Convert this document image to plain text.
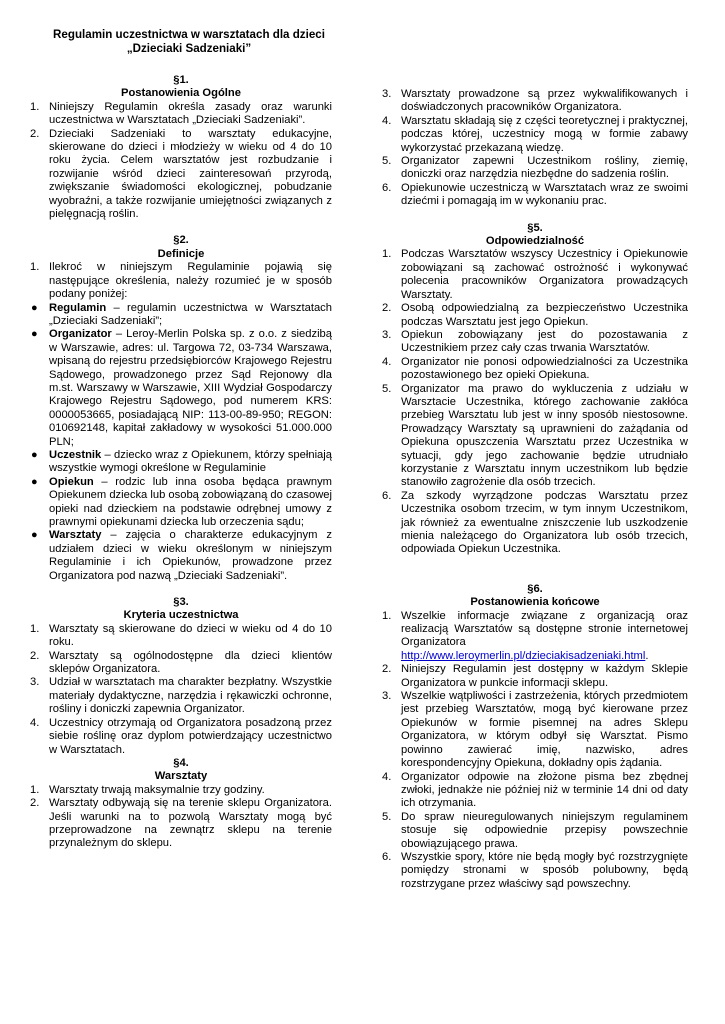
Regulamin uczestnictwa w warsztatach dla dzieci
„Dzieciaki Sadzeniaki”
§1.
Postanowienia Ogólne
1. Niniejszy Regulamin określa zasady oraz warunki uczestnictwa w Warsztatach „Dzieciaki Sadzeniaki”.
2. Dzieciaki Sadzeniaki to warsztaty edukacyjne, skierowane do dzieci i młodzieży w wieku od 4 do 10 roku życia. Celem warsztatów jest rozbudzanie i rozwijanie wśród dzieci zainteresowań przyrodą, zwiększanie świadomości ekologicznej, pobudzanie wyobraźni, a także rozwijanie umiejętności związanych z pielęgnacją roślin.
§2.
Definicje
1. Ilekroć w niniejszym Regulaminie pojawią się następujące określenia, należy rozumieć je w sposób podany poniżej:
● Regulamin – regulamin uczestnictwa w Warsztatach „Dzieciaki Sadzeniaki”;
● Organizator – Leroy-Merlin Polska sp. z o.o. z siedzibą w Warszawie, adres: ul. Targowa 72, 03-734 Warszawa, wpisaną do rejestru przedsiębiorców Krajowego Rejestru Sądowego, prowadzonego przez Sąd Rejonowy dla m.st. Warszawy w Warszawie, XIII Wydział Gospodarczy Krajowego Rejestru Sądowego, pod numerem KRS: 0000053665, posiadającą NIP: 113-00-89-950; REGON: 010692148, kapitał zakładowy w wysokości 51.000.000 PLN;
● Uczestnik – dziecko wraz z Opiekunem, którzy spełniają wszystkie wymogi określone w Regulaminie
● Opiekun – rodzic lub inna osoba będąca prawnym Opiekunem dziecka lub osobą zobowiązaną do czasowej opieki nad dzieckiem na podstawie odrębnej umowy z prawnymi opiekunami dziecka lub orzeczenia sądu;
● Warsztaty – zajęcia o charakterze edukacyjnym z udziałem dzieci w wieku określonym w niniejszym Regulaminie i ich Opiekunów, prowadzone przez Organizatora pod nazwą „Dzieciaki Sadzeniaki”.
§3.
Kryteria uczestnictwa
1. Warsztaty są skierowane do dzieci w wieku od 4 do 10 roku.
2. Warsztaty są ogólnodostępne dla dzieci klientów sklepów Organizatora.
3. Udział w warsztatach ma charakter bezpłatny. Wszystkie materiały dydaktyczne, narzędzia i rękawiczki ochronne, rośliny i doniczki zapewnia Organizator.
4. Uczestnicy otrzymają od Organizatora posadzoną przez siebie roślinę oraz dyplom potwierdzający uczestnictwo w Warsztatach.
§4.
Warsztaty
1. Warsztaty trwają maksymalnie trzy godziny.
2. Warsztaty odbywają się na terenie sklepu Organizatora. Jeśli warunki na to pozwolą Warsztaty mogą być przeprowadzone na zewnątrz sklepu na terenie przynależnym do sklepu.
3. Warsztaty prowadzone są przez wykwalifikowanych i doświadczonych pracowników Organizatora.
4. Warsztatu składają się z części teoretycznej i praktycznej, podczas której, uczestnicy mogą w formie zabawy wykorzystać przekazaną wiedzę.
5. Organizator zapewni Uczestnikom rośliny, ziemię, doniczki oraz narzędzia niezbędne do sadzenia roślin.
6. Opiekunowie uczestniczą w Warsztatach wraz ze swoimi dziećmi i pomagają im w wykonaniu prac.
§5.
Odpowiedzialność
1. Podczas Warsztatów wszyscy Uczestnicy i Opiekunowie zobowiązani są zachować ostrożność i wykonywać polecenia pracowników Organizatora prowadzących Warsztaty.
2. Osobą odpowiedzialną za bezpieczeństwo Uczestnika podczas Warsztatu jest jego Opiekun.
3. Opiekun zobowiązany jest do pozostawania z Uczestnikiem przez cały czas trwania Warsztatów.
4. Organizator nie ponosi odpowiedzialności za Uczestnika pozostawionego bez opieki Opiekuna.
5. Organizator ma prawo do wykluczenia z udziału w Warsztacie Uczestnika, którego zachowanie zakłóca przebieg Warsztatu lub jest w inny sposób niestosowne. Prowadzący Warsztaty są uprawnieni do zażądania od Opiekuna opuszczenia Warsztatu przez Uczestnika w sytuacji, gdy jego zachowanie będzie utrudniało korzystanie z Warsztatu innym uczestnikom lub będzie stanowiło zagrożenie dla osób trzecich.
6. Za szkody wyrządzone podczas Warsztatu przez Uczestnika osobom trzecim, w tym innym Uczestnikom, jak również za ewentualne zniszczenie lub uszkodzenie mienia należącego do Organizatora lub osób trzecich, odpowiada Opiekun Uczestnika.
§6.
Postanowienia końcowe
1. Wszelkie informacje związane z organizacją oraz realizacją Warsztatów są dostępne stronie internetowej Organizatora
http://www.leroymerlin.pl/dzieciakisadzeniaki.html.
2. Niniejszy Regulamin jest dostępny w każdym Sklepie Organizatora w punkcie informacji sklepu.
3. Wszelkie wątpliwości i zastrzeżenia, których przedmiotem jest przebieg Warsztatów, mogą być kierowane przez Opiekunów w formie pisemnej na adres Sklepu Organizatora, w którym odbył się Warsztat. Pismo powinno zawierać imię, nazwisko, adres korespondencyjny Opiekuna, dokładny opis żądania.
4. Organizator odpowie na złożone pisma bez zbędnej zwłoki, jednakże nie później niż w terminie 14 dni od daty ich otrzymania.
5. Do spraw nieuregulowanych niniejszym regulaminem stosuje się odpowiednie przepisy powszechnie obowiązującego prawa.
6. Wszystkie spory, które nie będą mogły być rozstrzygnięte pomiędzy stronami w sposób polubowny, będą rozstrzygane przez właściwy sąd powszechny.
